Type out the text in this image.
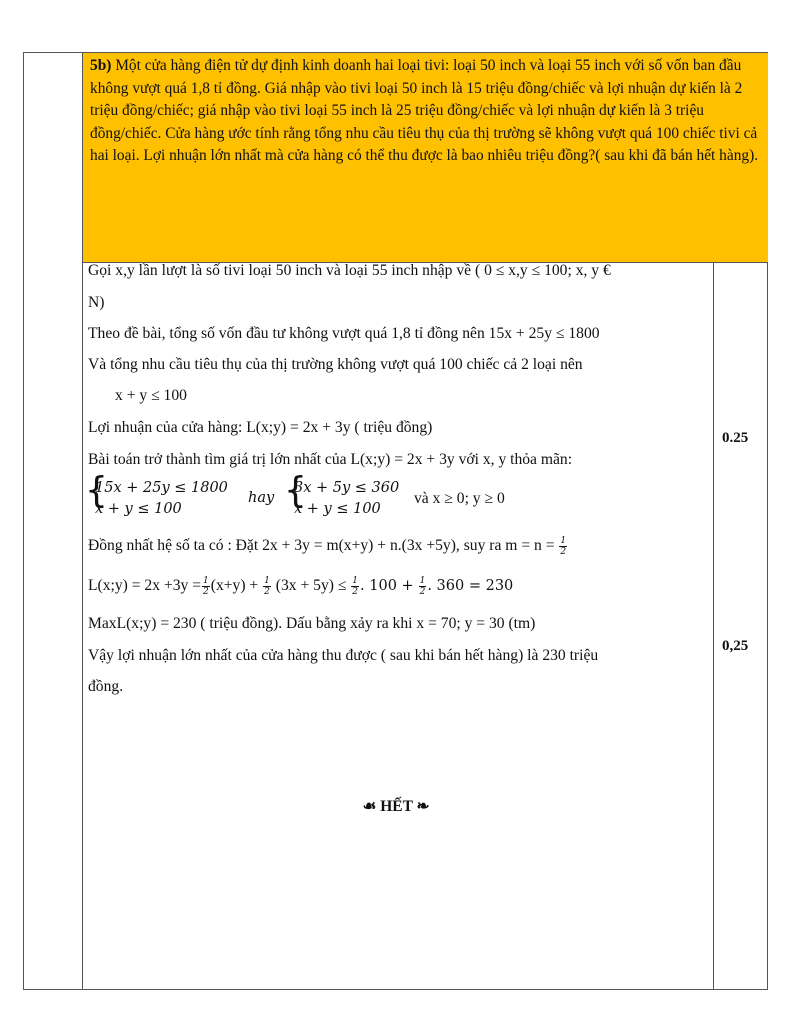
5b) Một cửa hàng điện tử dự định kinh doanh hai loại tivi: loại 50 inch và loại 55 inch với số vốn ban đầu không vượt quá 1,8 tỉ đồng. Giá nhập vào tivi loại 50 inch là 15 triệu đồng/chiếc và lợi nhuận dự kiến là 2 triệu đồng/chiếc; giá nhập vào tivi loại 55 inch là 25 triệu đồng/chiếc và lợi nhuận dự kiến là 3 triệu đồng/chiếc. Cửa hàng ước tính rằng tổng nhu cầu tiêu thụ của thị trường sẽ không vượt quá 100 chiếc tivi cả hai loại. Lợi nhuận lớn nhất mà cửa hàng có thể thu được là bao nhiêu triệu đồng?( sau khi đã bán hết hàng).
Gọi x,y lần lượt là số tivi loại 50 inch và loại 55 inch nhập về ( 0 ≤ x,y ≤ 100; x, y €
N)
Theo đề bài, tổng số vốn đầu tư không vượt quá 1,8 tỉ đồng nên 15x + 25y ≤ 1800
Và tổng nhu cầu tiêu thụ của thị trường không vượt quá 100 chiếc cả 2 loại nên
x + y ≤ 100
Lợi nhuận của cửa hàng: L(x;y) = 2x + 3y ( triệu đồng)
Bài toán trở thành tìm giá trị lớn nhất của L(x;y) = 2x + 3y với x, y thỏa mãn:
{
15x + 25y ≤ 1800
x + y ≤ 100
hay {
3x + 5y ≤ 360
x + y ≤ 100
và x ≥ 0; y ≥ 0
Đồng nhất hệ số ta có : Đặt 2x + 3y = m(x+y) + n.(3x +5y), suy ra $m = n = \frac{1}{2}$
L(x;y) = $2x +3y = \frac{1}{2} (x+y) + \frac{1}{2} (3x + 5y) \le \frac{1}{2}$ . $100 + \frac{1}{2}$ . 360 = 230
MaxL(x;y) = 230 ( triệu đồng). Dấu bằng xảy ra khi x = 70; y = 30 (tm)
Vậy lợi nhuận lớn nhất của cửa hàng thu được ( sau khi bán hết hàng) là 230 triệu
đồng.
0.25
0,25
☙ HẾT ❧
